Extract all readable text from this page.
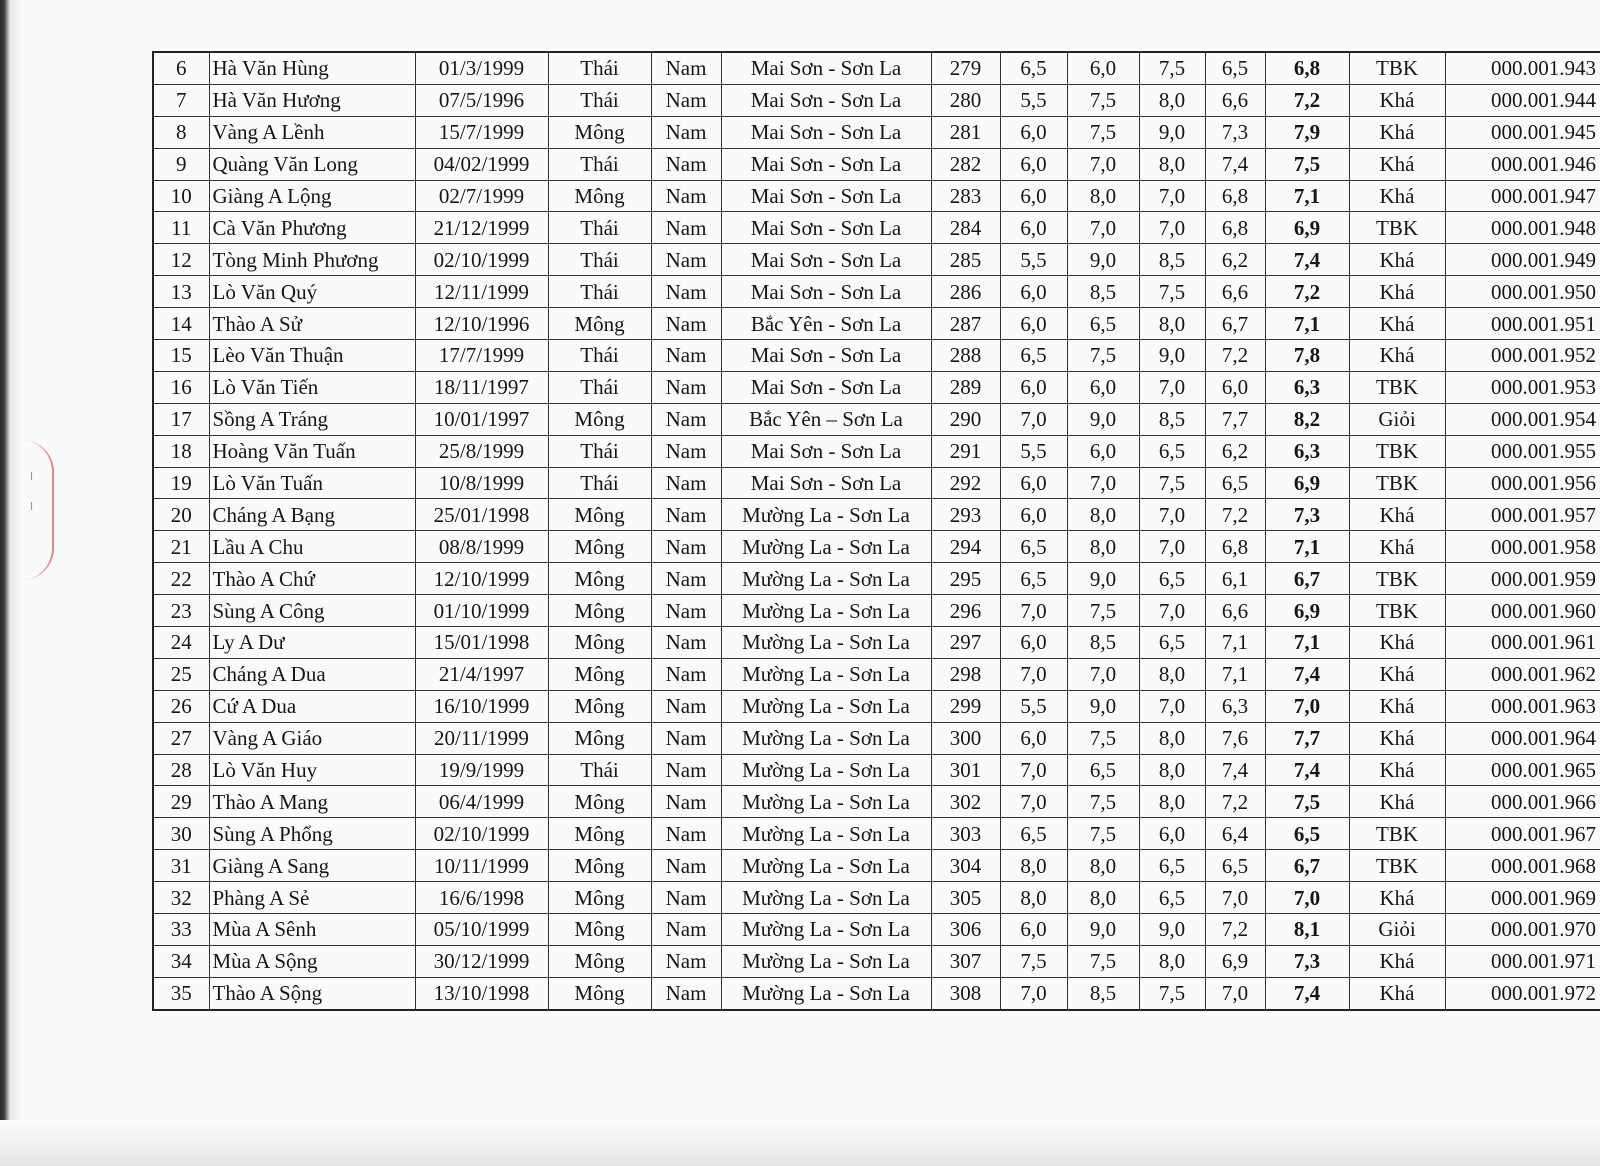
ǀ
ǀ
6	Hà Văn Hùng	01/3/1999	Thái	Nam	Mai Sơn - Sơn La	279	6,5	6,0	7,5	6,5	6,8	TBK	000.001.943
7	Hà Văn Hương	07/5/1996	Thái	Nam	Mai Sơn - Sơn La	280	5,5	7,5	8,0	6,6	7,2	Khá	000.001.944
8	Vàng A Lềnh	15/7/1999	Mông	Nam	Mai Sơn - Sơn La	281	6,0	7,5	9,0	7,3	7,9	Khá	000.001.945
9	Quàng Văn Long	04/02/1999	Thái	Nam	Mai Sơn - Sơn La	282	6,0	7,0	8,0	7,4	7,5	Khá	000.001.946
10	Giàng A Lộng	02/7/1999	Mông	Nam	Mai Sơn - Sơn La	283	6,0	8,0	7,0	6,8	7,1	Khá	000.001.947
11	Cà Văn Phương	21/12/1999	Thái	Nam	Mai Sơn - Sơn La	284	6,0	7,0	7,0	6,8	6,9	TBK	000.001.948
12	Tòng Minh Phương	02/10/1999	Thái	Nam	Mai Sơn - Sơn La	285	5,5	9,0	8,5	6,2	7,4	Khá	000.001.949
13	Lò Văn Quý	12/11/1999	Thái	Nam	Mai Sơn - Sơn La	286	6,0	8,5	7,5	6,6	7,2	Khá	000.001.950
14	Thào A Sử	12/10/1996	Mông	Nam	Bắc Yên - Sơn La	287	6,0	6,5	8,0	6,7	7,1	Khá	000.001.951
15	Lèo Văn Thuận	17/7/1999	Thái	Nam	Mai Sơn - Sơn La	288	6,5	7,5	9,0	7,2	7,8	Khá	000.001.952
16	Lò Văn Tiến	18/11/1997	Thái	Nam	Mai Sơn - Sơn La	289	6,0	6,0	7,0	6,0	6,3	TBK	000.001.953
17	Sồng A Tráng	10/01/1997	Mông	Nam	Bắc Yên – Sơn La	290	7,0	9,0	8,5	7,7	8,2	Giỏi	000.001.954
18	Hoàng Văn Tuấn	25/8/1999	Thái	Nam	Mai Sơn - Sơn La	291	5,5	6,0	6,5	6,2	6,3	TBK	000.001.955
19	Lò Văn Tuấn	10/8/1999	Thái	Nam	Mai Sơn - Sơn La	292	6,0	7,0	7,5	6,5	6,9	TBK	000.001.956
20	Cháng A Bạng	25/01/1998	Mông	Nam	Mường La - Sơn La	293	6,0	8,0	7,0	7,2	7,3	Khá	000.001.957
21	Lầu A Chu	08/8/1999	Mông	Nam	Mường La - Sơn La	294	6,5	8,0	7,0	6,8	7,1	Khá	000.001.958
22	Thào A Chứ	12/10/1999	Mông	Nam	Mường La - Sơn La	295	6,5	9,0	6,5	6,1	6,7	TBK	000.001.959
23	Sùng A Công	01/10/1999	Mông	Nam	Mường La - Sơn La	296	7,0	7,5	7,0	6,6	6,9	TBK	000.001.960
24	Ly A Dư	15/01/1998	Mông	Nam	Mường La - Sơn La	297	6,0	8,5	6,5	7,1	7,1	Khá	000.001.961
25	Cháng A Dua	21/4/1997	Mông	Nam	Mường La - Sơn La	298	7,0	7,0	8,0	7,1	7,4	Khá	000.001.962
26	Cứ A Dua	16/10/1999	Mông	Nam	Mường La - Sơn La	299	5,5	9,0	7,0	6,3	7,0	Khá	000.001.963
27	Vàng A Giáo	20/11/1999	Mông	Nam	Mường La - Sơn La	300	6,0	7,5	8,0	7,6	7,7	Khá	000.001.964
28	Lò Văn Huy	19/9/1999	Thái	Nam	Mường La - Sơn La	301	7,0	6,5	8,0	7,4	7,4	Khá	000.001.965
29	Thào A Mang	06/4/1999	Mông	Nam	Mường La - Sơn La	302	7,0	7,5	8,0	7,2	7,5	Khá	000.001.966
30	Sùng A Phổng	02/10/1999	Mông	Nam	Mường La - Sơn La	303	6,5	7,5	6,0	6,4	6,5	TBK	000.001.967
31	Giàng A Sang	10/11/1999	Mông	Nam	Mường La - Sơn La	304	8,0	8,0	6,5	6,5	6,7	TBK	000.001.968
32	Phàng A Sẻ	16/6/1998	Mông	Nam	Mường La - Sơn La	305	8,0	8,0	6,5	7,0	7,0	Khá	000.001.969
33	Mùa A Sênh	05/10/1999	Mông	Nam	Mường La - Sơn La	306	6,0	9,0	9,0	7,2	8,1	Giỏi	000.001.970
34	Mùa A Sộng	30/12/1999	Mông	Nam	Mường La - Sơn La	307	7,5	7,5	8,0	6,9	7,3	Khá	000.001.971
35	Thào A Sộng	13/10/1998	Mông	Nam	Mường La - Sơn La	308	7,0	8,5	7,5	7,0	7,4	Khá	000.001.972
